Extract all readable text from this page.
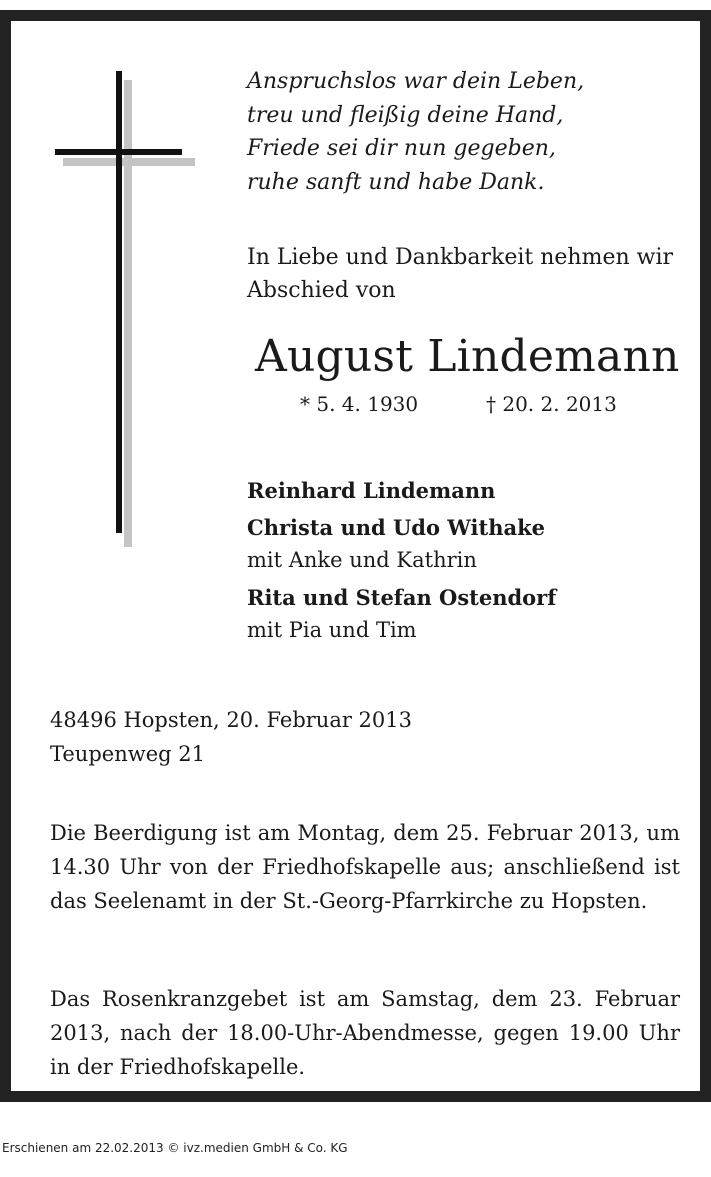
Anspruchslos war dein Leben,
treu und fleißig deine Hand,
Friede sei dir nun gegeben,
ruhe sanft und habe Dank.
In Liebe und Dankbarkeit nehmen wir
Abschied von
August Lindemann
* 5. 4. 1930	† 20. 2. 2013
Reinhard Lindemann
Christa und Udo Withake
mit Anke und Kathrin
Rita und Stefan Ostendorf
mit Pia und Tim
48496 Hopsten, 20. Februar 2013
Teupenweg 21
Die Beerdigung ist am Montag, dem 25. Februar 2013, um 14.30 Uhr von der Friedhofskapelle aus; anschließend ist das Seelenamt in der St.-Georg-Pfarrkirche zu Hopsten.
Das Rosenkranzgebet ist am Samstag, dem 23. Februar 2013, nach der 18.00-Uhr-Abendmesse, gegen 19.00 Uhr in der Friedhofskapelle.
Erschienen am 22.02.2013 © ivz.medien GmbH & Co. KG
